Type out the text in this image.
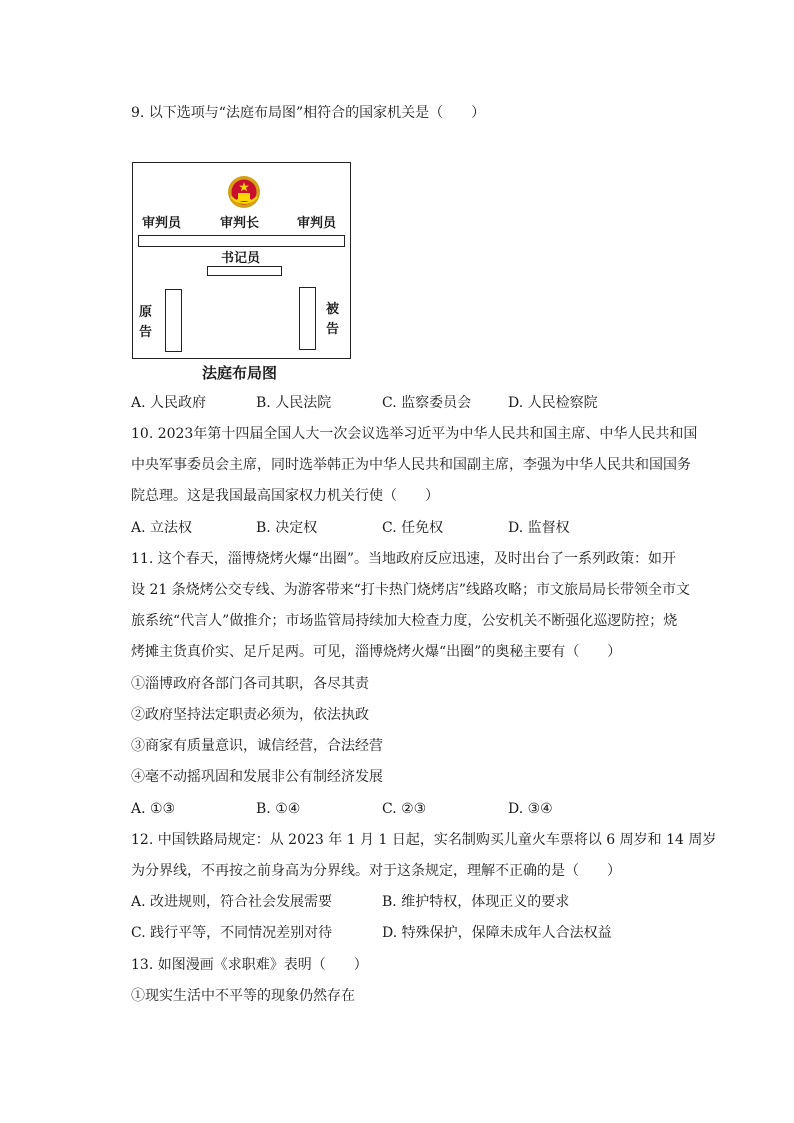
9. 以下选项与“法庭布局图”相符合的国家机关是（　　）
审判员	审判长	审判员
书记员
原告
被告
法庭布局图
A. 人民政府	B. 人民法院	C. 监察委员会	D. 人民检察院
10. 2023年第十四届全国人大一次会议选举习近平为中华人民共和国主席、中华人民共和国
中央军事委员会主席，同时选举韩正为中华人民共和国副主席，李强为中华人民共和国国务
院总理。这是我国最高国家权力机关行使（　　）
A. 立法权	B. 决定权	C. 任免权	D. 监督权
11. 这个春天，淄博烧烤火爆“出圈”。当地政府反应迅速，及时出台了一系列政策：如开
设 21 条烧烤公交专线、为游客带来“打卡热门烧烤店”线路攻略；市文旅局局长带领全市文
旅系统“代言人”做推介；市场监管局持续加大检查力度，公安机关不断强化巡逻防控；烧
烤摊主货真价实、足斤足两。可见，淄博烧烤火爆“出圈”的奥秘主要有（　　）
①淄博政府各部门各司其职，各尽其责
②政府坚持法定职责必须为，依法执政
③商家有质量意识，诚信经营，合法经营
④毫不动摇巩固和发展非公有制经济发展
A. ①③	B. ①④	C. ②③	D. ③④
12. 中国铁路局规定：从 2023 年 1 月 1 日起，实名制购买儿童火车票将以 6 周岁和 14 周岁
为分界线，不再按之前身高为分界线。对于这条规定，理解不正确的是（　　）
A. 改进规则，符合社会发展需要	B. 维护特权，体现正义的要求
C. 践行平等，不同情况差别对待	D. 特殊保护，保障未成年人合法权益
13. 如图漫画《求职难》表明（　　）
①现实生活中不平等的现象仍然存在
